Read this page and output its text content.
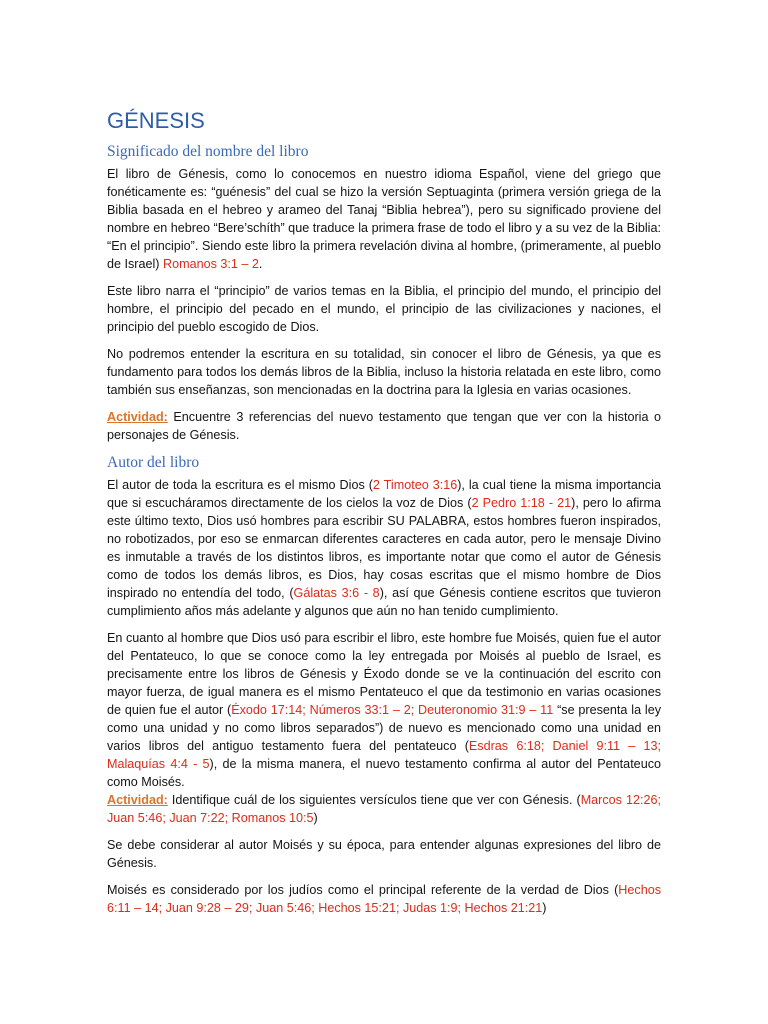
GÉNESIS
Significado del nombre del libro

El libro de Génesis, como lo conocemos en nuestro idioma Español, viene del griego que fonéticamente es: “guénesis” del cual se hizo la versión Septuaginta (primera versión griega de la Biblia basada en el hebreo y arameo del Tanaj “Biblia hebrea”), pero su significado proviene del nombre en hebreo “Bere’schíth” que traduce la primera frase de todo el libro y a su vez de la Biblia: “En el principio”. Siendo este libro la primera revelación divina al hombre, (primeramente, al pueblo de Israel) Romanos 3:1 – 2.

Este libro narra el “principio” de varios temas en la Biblia, el principio del mundo, el principio del hombre, el principio del pecado en el mundo, el principio de las civilizaciones y naciones, el principio del pueblo escogido de Dios.

No podremos entender la escritura en su totalidad, sin conocer el libro de Génesis, ya que es fundamento para todos los demás libros de la Biblia, incluso la historia relatada en este libro, como también sus enseñanzas, son mencionadas en la doctrina para la Iglesia en varias ocasiones.

Actividad: Encuentre 3 referencias del nuevo testamento que tengan que ver con la historia o personajes de Génesis.

Autor del libro

El autor de toda la escritura es el mismo Dios (2 Timoteo 3:16), la cual tiene la misma importancia que si escucháramos directamente de los cielos la voz de Dios (2 Pedro 1:18 - 21), pero lo afirma este último texto, Dios usó hombres para escribir SU PALABRA, estos hombres fueron inspirados, no robotizados, por eso se enmarcan diferentes caracteres en cada autor, pero le mensaje Divino es inmutable a través de los distintos libros, es importante notar que como el autor de Génesis como de todos los demás libros, es Dios, hay cosas escritas que el mismo hombre de Dios inspirado no entendía del todo, (Gálatas 3:6 - 8), así que Génesis contiene escritos que tuvieron cumplimiento años más adelante y algunos que aún no han tenido cumplimiento.

En cuanto al hombre que Dios usó para escribir el libro, este hombre fue Moisés, quien fue el autor del Pentateuco, lo que se conoce como la ley entregada por Moisés al pueblo de Israel, es precisamente entre los libros de Génesis y Éxodo donde se ve la continuación del escrito con mayor fuerza, de igual manera es el mismo Pentateuco el que da testimonio en varias ocasiones de quien fue el autor (Éxodo 17:14; Números 33:1 – 2; Deuteronomio 31:9 – 11 “se presenta la ley como una unidad y no como libros separados”) de nuevo es mencionado como una unidad en varios libros del antiguo testamento fuera del pentateuco (Esdras 6:18; Daniel 9:11 – 13; Malaquías 4:4 - 5), de la misma manera, el nuevo testamento confirma al autor del Pentateuco como Moisés.

Actividad: Identifique cuál de los siguientes versículos tiene que ver con Génesis. (Marcos 12:26; Juan 5:46; Juan 7:22; Romanos 10:5)

Se debe considerar al autor Moisés y su época, para entender algunas expresiones del libro de Génesis.

Moisés es considerado por los judíos como el principal referente de la verdad de Dios (Hechos 6:11 – 14; Juan 9:28 – 29; Juan 5:46; Hechos 15:21; Judas 1:9; Hechos 21:21)
